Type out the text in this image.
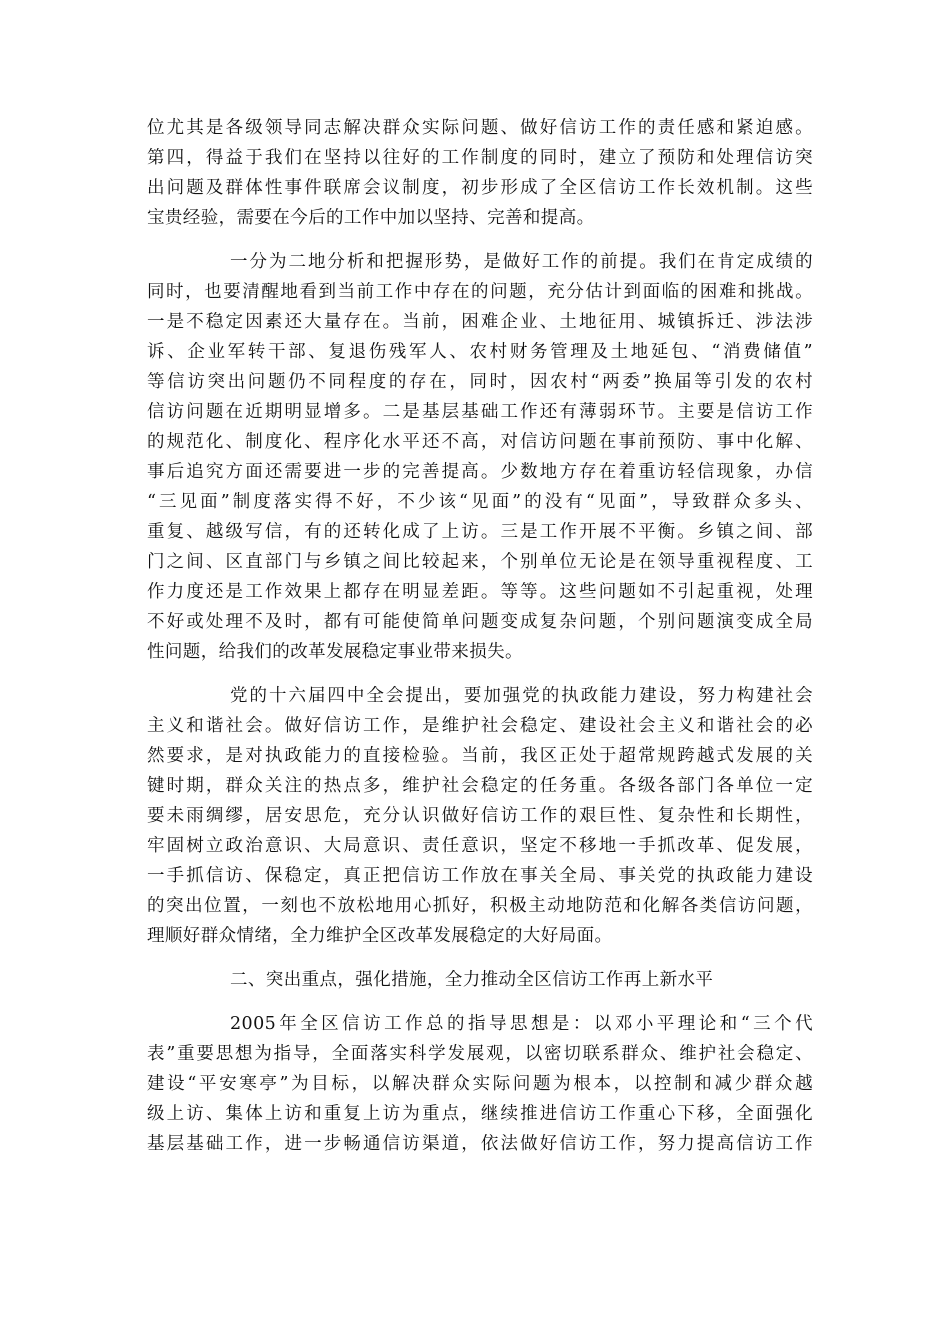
位尤其是各级领导同志解决群众实际问题、做好信访工作的责任感和紧迫感。
第四，得益于我们在坚持以往好的工作制度的同时，建立了预防和处理信访突
出问题及群体性事件联席会议制度，初步形成了全区信访工作长效机制。这些
宝贵经验，需要在今后的工作中加以坚持、完善和提高。
一分为二地分析和把握形势，是做好工作的前提。我们在肯定成绩的
同时，也要清醒地看到当前工作中存在的问题，充分估计到面临的困难和挑战。
一是不稳定因素还大量存在。当前，困难企业、土地征用、城镇拆迁、涉法涉
诉、企业军转干部、复退伤残军人、农村财务管理及土地延包、“消费储值”
等信访突出问题仍不同程度的存在，同时，因农村“两委”换届等引发的农村
信访问题在近期明显增多。二是基层基础工作还有薄弱环节。主要是信访工作
的规范化、制度化、程序化水平还不高，对信访问题在事前预防、事中化解、
事后追究方面还需要进一步的完善提高。少数地方存在着重访轻信现象，办信
“三见面”制度落实得不好，不少该“见面”的没有“见面”，导致群众多头、
重复、越级写信，有的还转化成了上访。三是工作开展不平衡。乡镇之间、部
门之间、区直部门与乡镇之间比较起来，个别单位无论是在领导重视程度、工
作力度还是工作效果上都存在明显差距。等等。这些问题如不引起重视，处理
不好或处理不及时，都有可能使简单问题变成复杂问题，个别问题演变成全局
性问题，给我们的改革发展稳定事业带来损失。
党的十六届四中全会提出，要加强党的执政能力建设，努力构建社会
主义和谐社会。做好信访工作，是维护社会稳定、建设社会主义和谐社会的必
然要求，是对执政能力的直接检验。当前，我区正处于超常规跨越式发展的关
键时期，群众关注的热点多，维护社会稳定的任务重。各级各部门各单位一定
要未雨绸缪，居安思危，充分认识做好信访工作的艰巨性、复杂性和长期性，
牢固树立政治意识、大局意识、责任意识，坚定不移地一手抓改革、促发展，
一手抓信访、保稳定，真正把信访工作放在事关全局、事关党的执政能力建设
的突出位置，一刻也不放松地用心抓好，积极主动地防范和化解各类信访问题，
理顺好群众情绪，全力维护全区改革发展稳定的大好局面。
二、突出重点，强化措施，全力推动全区信访工作再上新水平
2005年全区信访工作总的指导思想是：以邓小平理论和“三个代
表”重要思想为指导，全面落实科学发展观，以密切联系群众、维护社会稳定、
建设“平安寒亭”为目标，以解决群众实际问题为根本，以控制和减少群众越
级上访、集体上访和重复上访为重点，继续推进信访工作重心下移，全面强化
基层基础工作，进一步畅通信访渠道，依法做好信访工作，努力提高信访工作
